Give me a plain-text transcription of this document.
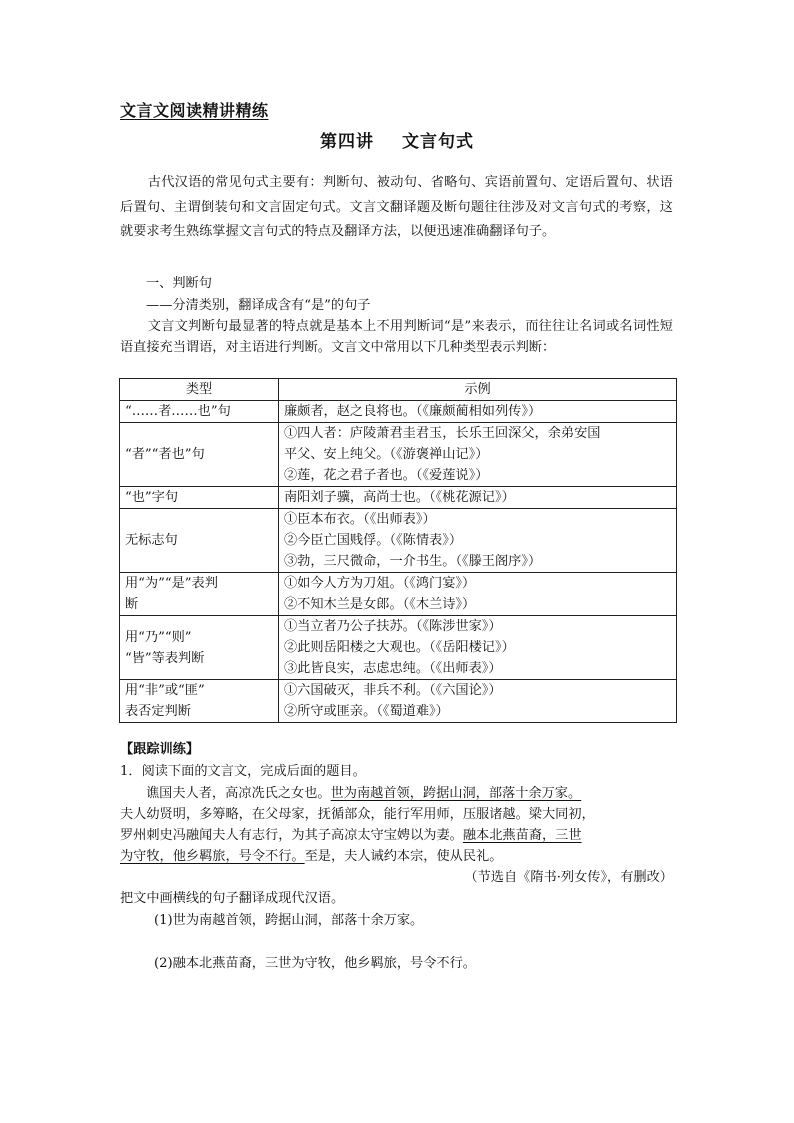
文言文阅读精讲精练
第四讲 文言句式
古代汉语的常见句式主要有：判断句、被动句、省略句、宾语前置句、定语后置句、状语后置句、主谓倒装句和文言固定句式。文言文翻译题及断句题往往涉及对文言句式的考察，这就要求考生熟练掌握文言句式的特点及翻译方法，以便迅速准确翻译句子。
一、判断句
——分清类别，翻译成含有“是”的句子
文言文判断句最显著的特点就是基本上不用判断词“是”来表示，而往往让名词或名词性短语直接充当谓语，对主语进行判断。文言文中常用以下几种类型表示判断：
类型	示例

“……者……也”句	廉颇者，赵之良将也。（《廉颇蔺相如列传》）

“者”“者也”句	①四人者：庐陵萧君圭君玉，长乐王回深父，余弟安国
平父、安上纯父。（《游褒禅山记》）
②莲，花之君子者也。（《爱莲说》）

“也”字句	南阳刘子骥，高尚士也。（《桃花源记》）

无标志句	①臣本布衣。（《出师表》）
②今臣亡国贱俘。（《陈情表》）
③勃，三尺微命，一介书生。（《滕王阁序》）

用“为”“是”表判
断	①如今人方为刀俎。（《鸿门宴》）
②不知木兰是女郎。（《木兰诗》）

用“乃”“则”
“皆”等表判断	①当立者乃公子扶苏。（《陈涉世家》）
②此则岳阳楼之大观也。（《岳阳楼记》）
③此皆良实，志虑忠纯。（《出师表》）

用“非”或“匪”
表否定判断	①六国破灭，非兵不利。（《六国论》）
②所守或匪亲。（《蜀道难》）
【跟踪训练】
1．阅读下面的文言文，完成后面的题目。
谯国夫人者，高凉冼氏之女也。世为南越首领，跨据山洞，部落十余万家。
夫人幼贤明，多筹略，在父母家，抚循部众，能行军用师，压服诸越。梁大同初，
罗州刺史冯融闻夫人有志行，为其子高凉太守宝娉以为妻。融本北燕苗裔，三世
为守牧，他乡羁旅，号令不行。至是，夫人诫约本宗，使从民礼。
（节选自《隋书·列女传》，有删改）
把文中画横线的句子翻译成现代汉语。
(1)世为南越首领，跨据山洞，部落十余万家。
(2)融本北燕苗裔，三世为守牧，他乡羁旅，号令不行。
